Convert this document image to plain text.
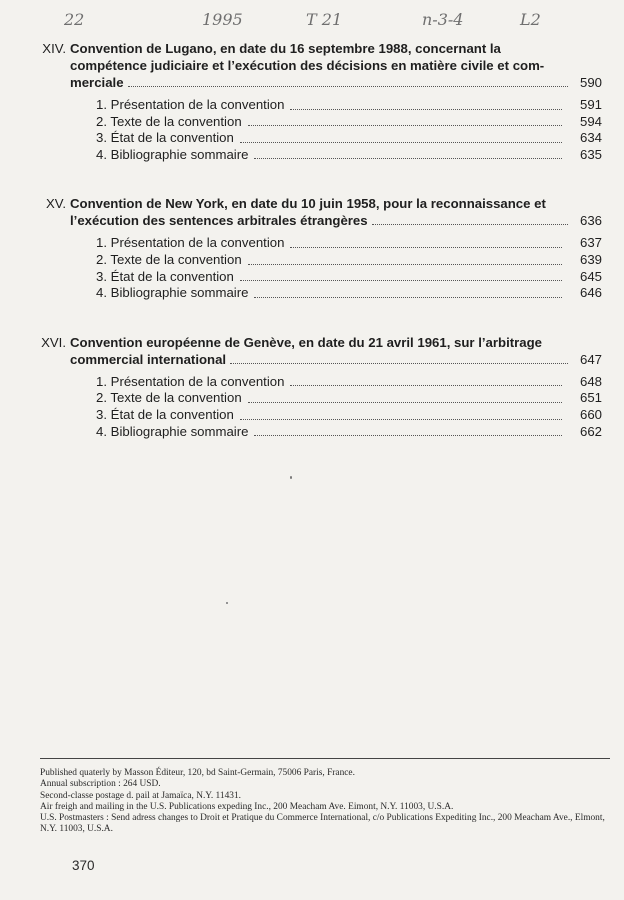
22	1995	T 21	n-3-4	L2
XIV. Convention de Lugano, en date du 16 septembre 1988, concernant la
compétence judiciaire et l’exécution des décisions en matière civile et com-
merciale	590
1. Présentation de la convention	591
2. Texte de la convention	594
3. État de la convention	634
4. Bibliographie sommaire	635
XV. Convention de New York, en date du 10 juin 1958, pour la reconnaissance et
l’exécution des sentences arbitrales étrangères	636
1. Présentation de la convention	637
2. Texte de la convention	639
3. État de la convention	645
4. Bibliographie sommaire	646
XVI. Convention européenne de Genève, en date du 21 avril 1961, sur l’arbitrage
commercial international	647
1. Présentation de la convention	648
2. Texte de la convention	651
3. État de la convention	660
4. Bibliographie sommaire	662

Published quaterly by Masson Éditeur, 120, bd Saint-Germain, 75006 Paris, France.

Annual subscription : 264 USD.

Second-classe postage d. pail at Jamaïca, N.Y. 11431.

Air freigh and mailing in the U.S. Publications expeding Inc., 200 Meacham Ave. Eimont, N.Y. 11003, U.S.A.

U.S. Postmasters : Send adress changes to Droit et Pratique du Commerce International, c/o Publications Expediting Inc., 200 Meacham Ave., Elmont, N.Y. 11003, U.S.A.

370
